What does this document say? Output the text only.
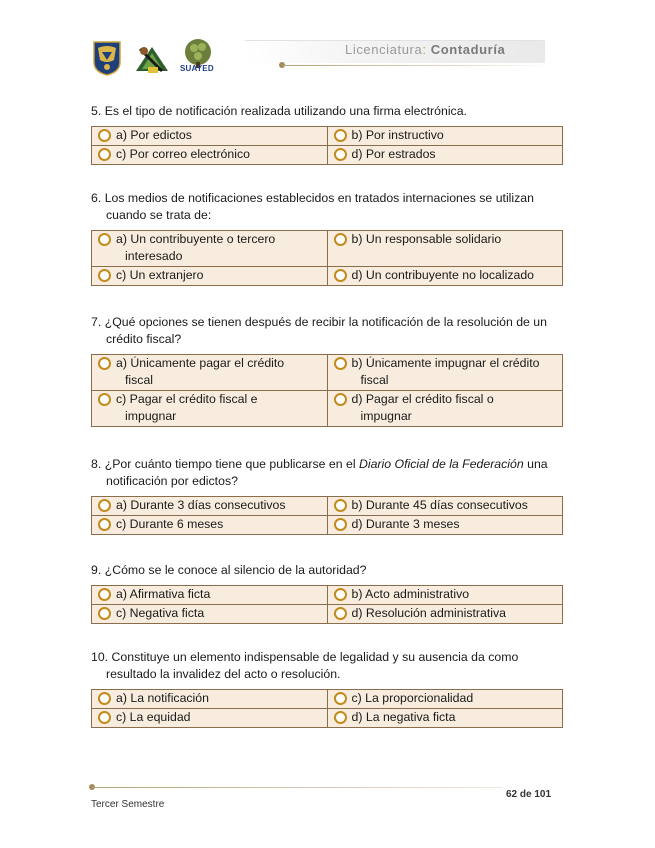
SUAYED
Licenciatura: Contaduría

5. Es el tipo de notificación realizada utilizando una firma electrónica.

a) Por edictos	b) Por instructivo

c) Por correo electrónico	d) Por estrados

6. Los medios de notificaciones establecidos en tratados internaciones se utilizan
cuando se trata de:

a) Un contribuyente o tercero
interesado	b) Un responsable solidario

c) Un extranjero	d) Un contribuyente no localizado

7. ¿Qué opciones se tienen después de recibir la notificación de la resolución de un
crédito fiscal?

a) Únicamente pagar el crédito
fiscal	b) Únicamente impugnar el crédito
fiscal

c) Pagar el crédito fiscal e
impugnar	d) Pagar el crédito fiscal o
impugnar

8. ¿Por cuánto tiempo tiene que publicarse en el Diario Oficial de la Federación una
notificación por edictos?

a) Durante 3 días consecutivos	b) Durante 45 días consecutivos

c) Durante 6 meses	d) Durante 3 meses

9. ¿Cómo se le conoce al silencio de la autoridad?

a) Afirmativa ficta	b) Acto administrativo

c) Negativa ficta	d) Resolución administrativa

10. Constituye un elemento indispensable de legalidad y su ausencia da como
resultado la invalidez del acto o resolución.

a) La notificación	c) La proporcionalidad

c) La equidad	d) La negativa ficta
62 de 101
Tercer Semestre
